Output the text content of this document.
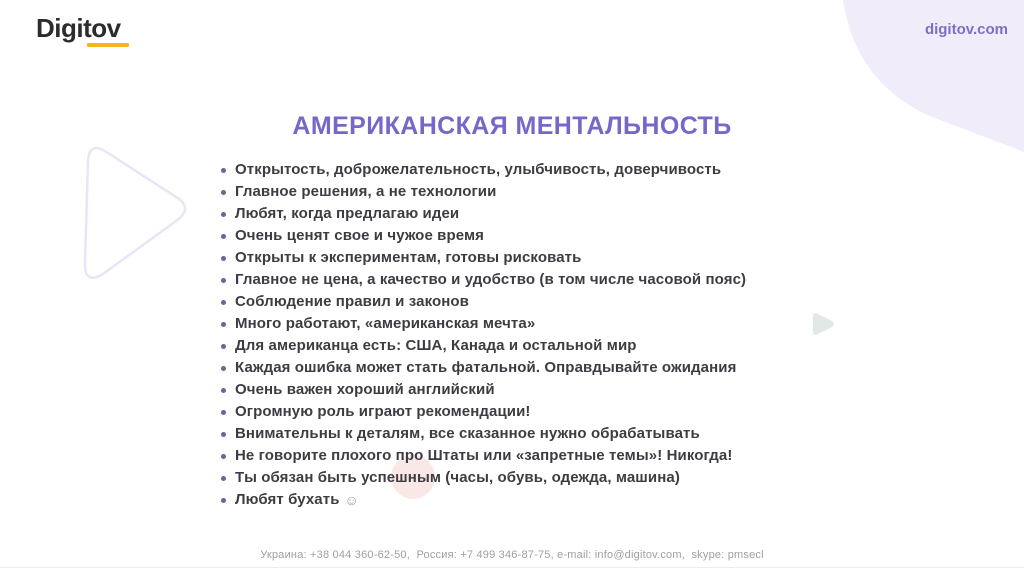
Digitov	digitov.com
АМЕРИКАНСКАЯ МЕНТАЛЬНОСТЬ
Открытость, доброжелательность, улыбчивость, доверчивость
Главное решения, а не технологии
Любят, когда предлагаю идеи
Очень ценят свое и чужое время
Открыты к экспериментам, готовы рисковать
Главное не цена, а качество и удобство (в том числе часовой пояс)
Соблюдение правил и законов
Много работают, «американская мечта»
Для американца есть: США, Канада и остальной мир
Каждая ошибка может стать фатальной. Оправдывайте ожидания
Очень важен хороший английский
Огромную роль играют рекомендации!
Внимательны к деталям, все сказанное нужно обрабатывать
Не говорите плохого про Штаты или «запретные темы»! Никогда!
Ты обязан быть успешным (часы, обувь, одежда, машина)
Любят бухать ☺
Украина: +38 044 360-62-50,  Россия: +7 499 346-87-75, e-mail: info@digitov.com,  skype: pmsecl
